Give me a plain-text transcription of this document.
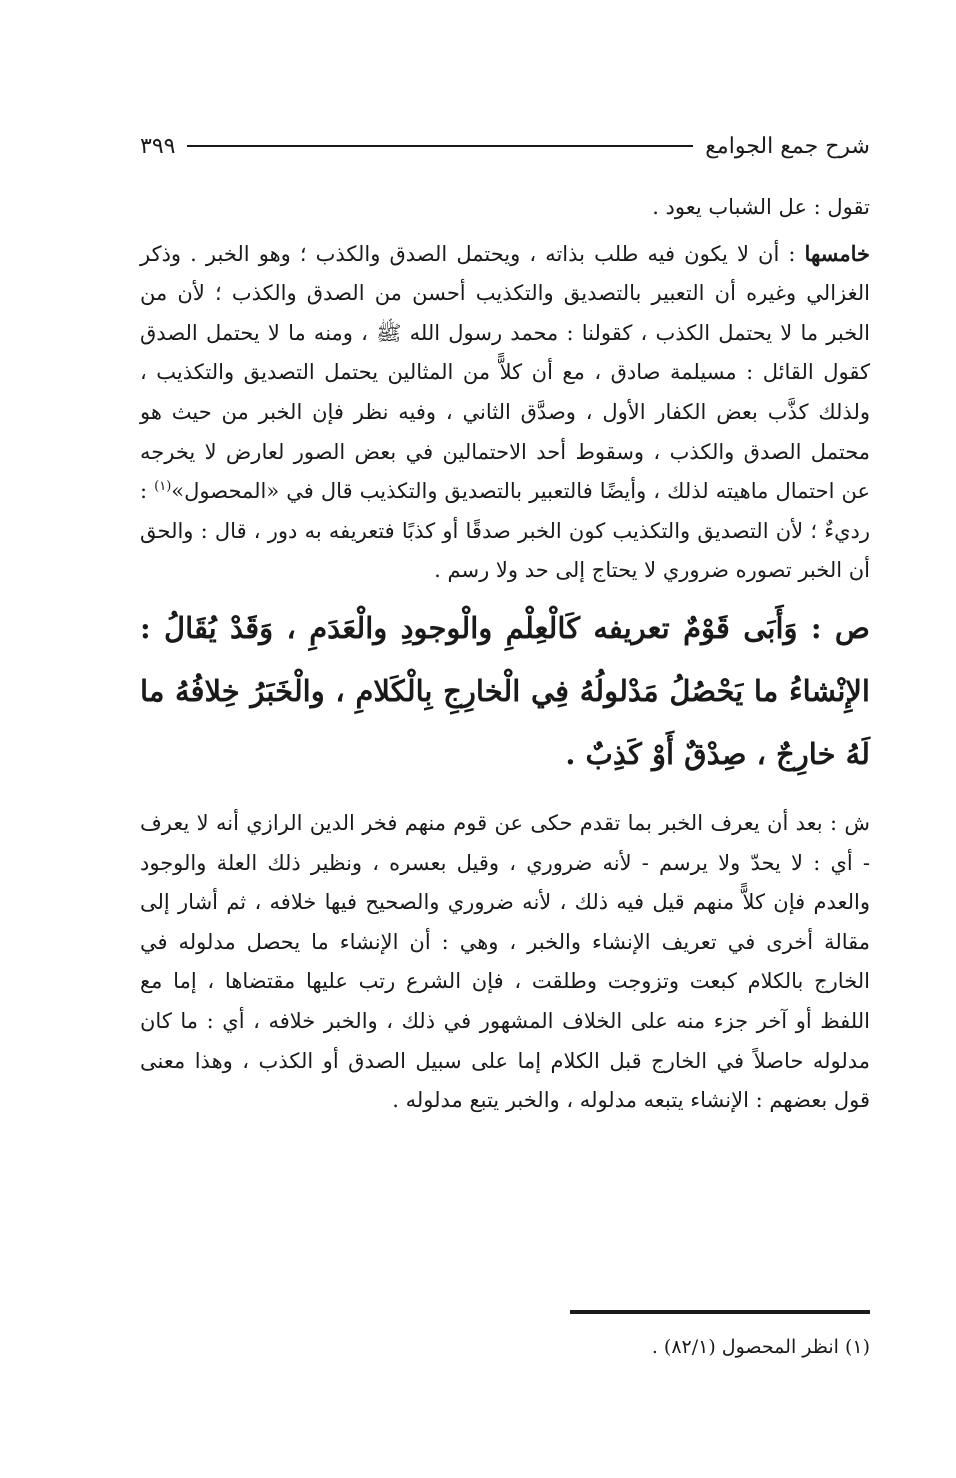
شرح جمع الجوامع
٣٩٩

تقول : عل الشباب يعود .

خامسها : أن لا يكون فيه طلب بذاته ، ويحتمل الصدق والكذب ؛ وهو الخبر . وذكر الغزالي وغيره أن التعبير بالتصديق والتكذيب أحسن من الصدق والكذب ؛ لأن من الخبر ما لا يحتمل الكذب ، كقولنا : محمد رسول الله ﷺ ، ومنه ما لا يحتمل الصدق كقول القائل : مسيلمة صادق ، مع أن كلاًّ من المثالين يحتمل التصديق والتكذيب ، ولذلك كذَّب بعض الكفار الأول ، وصدَّق الثاني ، وفيه نظر فإن الخبر من حيث هو محتمل الصدق والكذب ، وسقوط أحد الاحتمالين في بعض الصور لعارض لا يخرجه عن احتمال ماهيته لذلك ، وأيضًا فالتعبير بالتصديق والتكذيب قال في «المحصول»$^{(١)}$ : رديءٌ ؛ لأن التصديق والتكذيب كون الخبر صدقًا أو كذبًا فتعريفه به دور ، قال : والحق أن الخبر تصوره ضروري لا يحتاج إلى حد ولا رسم .

ص : وَأَبَى قَوْمٌ تعريفه كَالْعِلْمِ والْوجودِ والْعَدَمِ ، وَقَدْ يُقَالُ : الإِنْشاءُ ما يَحْصُلُ مَدْلولُهُ فِي الْخارِجِ بِالْكَلامِ ، والْخَبَرُ خِلافُهُ ما لَهُ خارِجٌ ، صِدْقٌ أَوْ كَذِبٌ .

ش : بعد أن يعرف الخبر بما تقدم حكى عن قوم منهم فخر الدين الرازي أنه لا يعرف - أي : لا يحدّ ولا يرسم - لأنه ضروري ، وقيل بعسره ، ونظير ذلك العلة والوجود والعدم فإن كلاًّ منهم قيل فيه ذلك ، لأنه ضروري والصحيح فيها خلافه ، ثم أشار إلى مقالة أخرى في تعريف الإنشاء والخبر ، وهي : أن الإنشاء ما يحصل مدلوله في الخارج بالكلام كبعت وتزوجت وطلقت ، فإن الشرع رتب عليها مقتضاها ، إما مع اللفظ أو آخر جزء منه على الخلاف المشهور في ذلك ، والخبر خلافه ، أي : ما كان مدلوله حاصلاً في الخارج قبل الكلام إما على سبيل الصدق أو الكذب ، وهذا معنى قول بعضهم : الإنشاء يتبعه مدلوله ، والخبر يتبع مدلوله .

(١) انظر المحصول (٨٢/١) .
